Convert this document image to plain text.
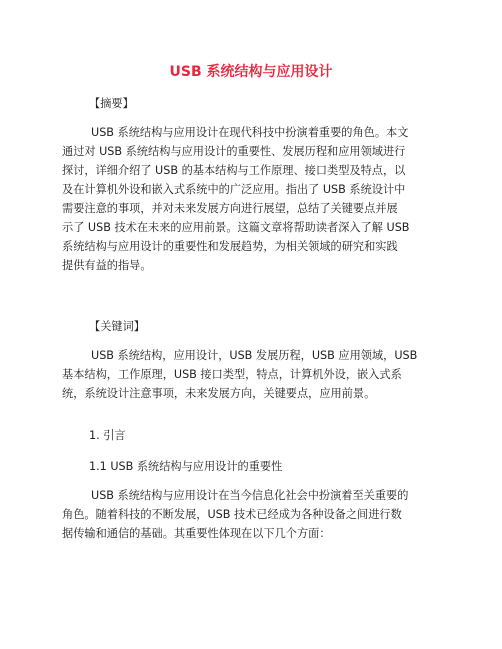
USB 系统结构与应用设计
【摘要】
USB 系统结构与应用设计在现代科技中扮演着重要的角色。本文
通过对 USB 系统结构与应用设计的重要性、发展历程和应用领域进行
探讨，详细介绍了 USB 的基本结构与工作原理、接口类型及特点，以
及在计算机外设和嵌入式系统中的广泛应用。指出了 USB 系统设计中
需要注意的事项，并对未来发展方向进行展望，总结了关键要点并展
示了 USB 技术在未来的应用前景。这篇文章将帮助读者深入了解 USB
系统结构与应用设计的重要性和发展趋势，为相关领域的研究和实践
提供有益的指导。
【关键词】
USB 系统结构，应用设计，USB 发展历程，USB 应用领域，USB
基本结构，工作原理，USB 接口类型，特点，计算机外设，嵌入式系
统，系统设计注意事项，未来发展方向，关键要点，应用前景。
1. 引言
1.1 USB 系统结构与应用设计的重要性
USB 系统结构与应用设计在当今信息化社会中扮演着至关重要的
角色。随着科技的不断发展，USB 技术已经成为各种设备之间进行数
据传输和通信的基础。其重要性体现在以下几个方面：
